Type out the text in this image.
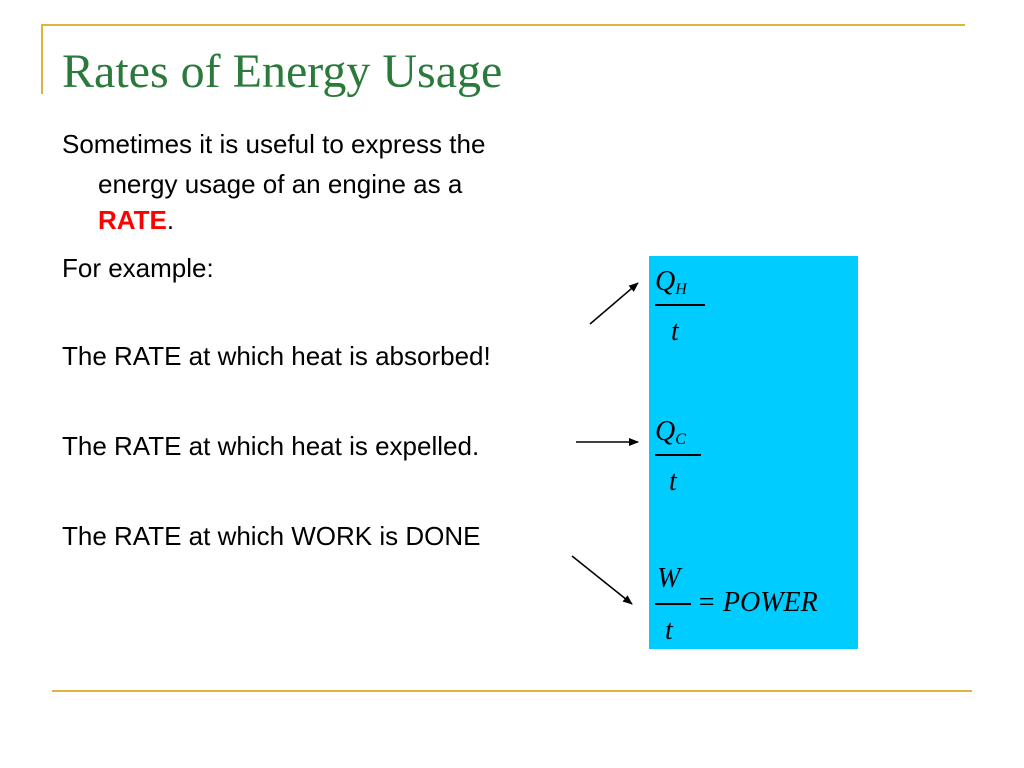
Rates of Energy Usage
Sometimes it is useful to express the
energy usage of an engine as a
RATE.
For example:
The RATE at which heat is absorbed!
The RATE at which heat is expelled.
The RATE at which WORK is DONE
$Q_H$
t
$Q_C$
t
W
t
= POWER
